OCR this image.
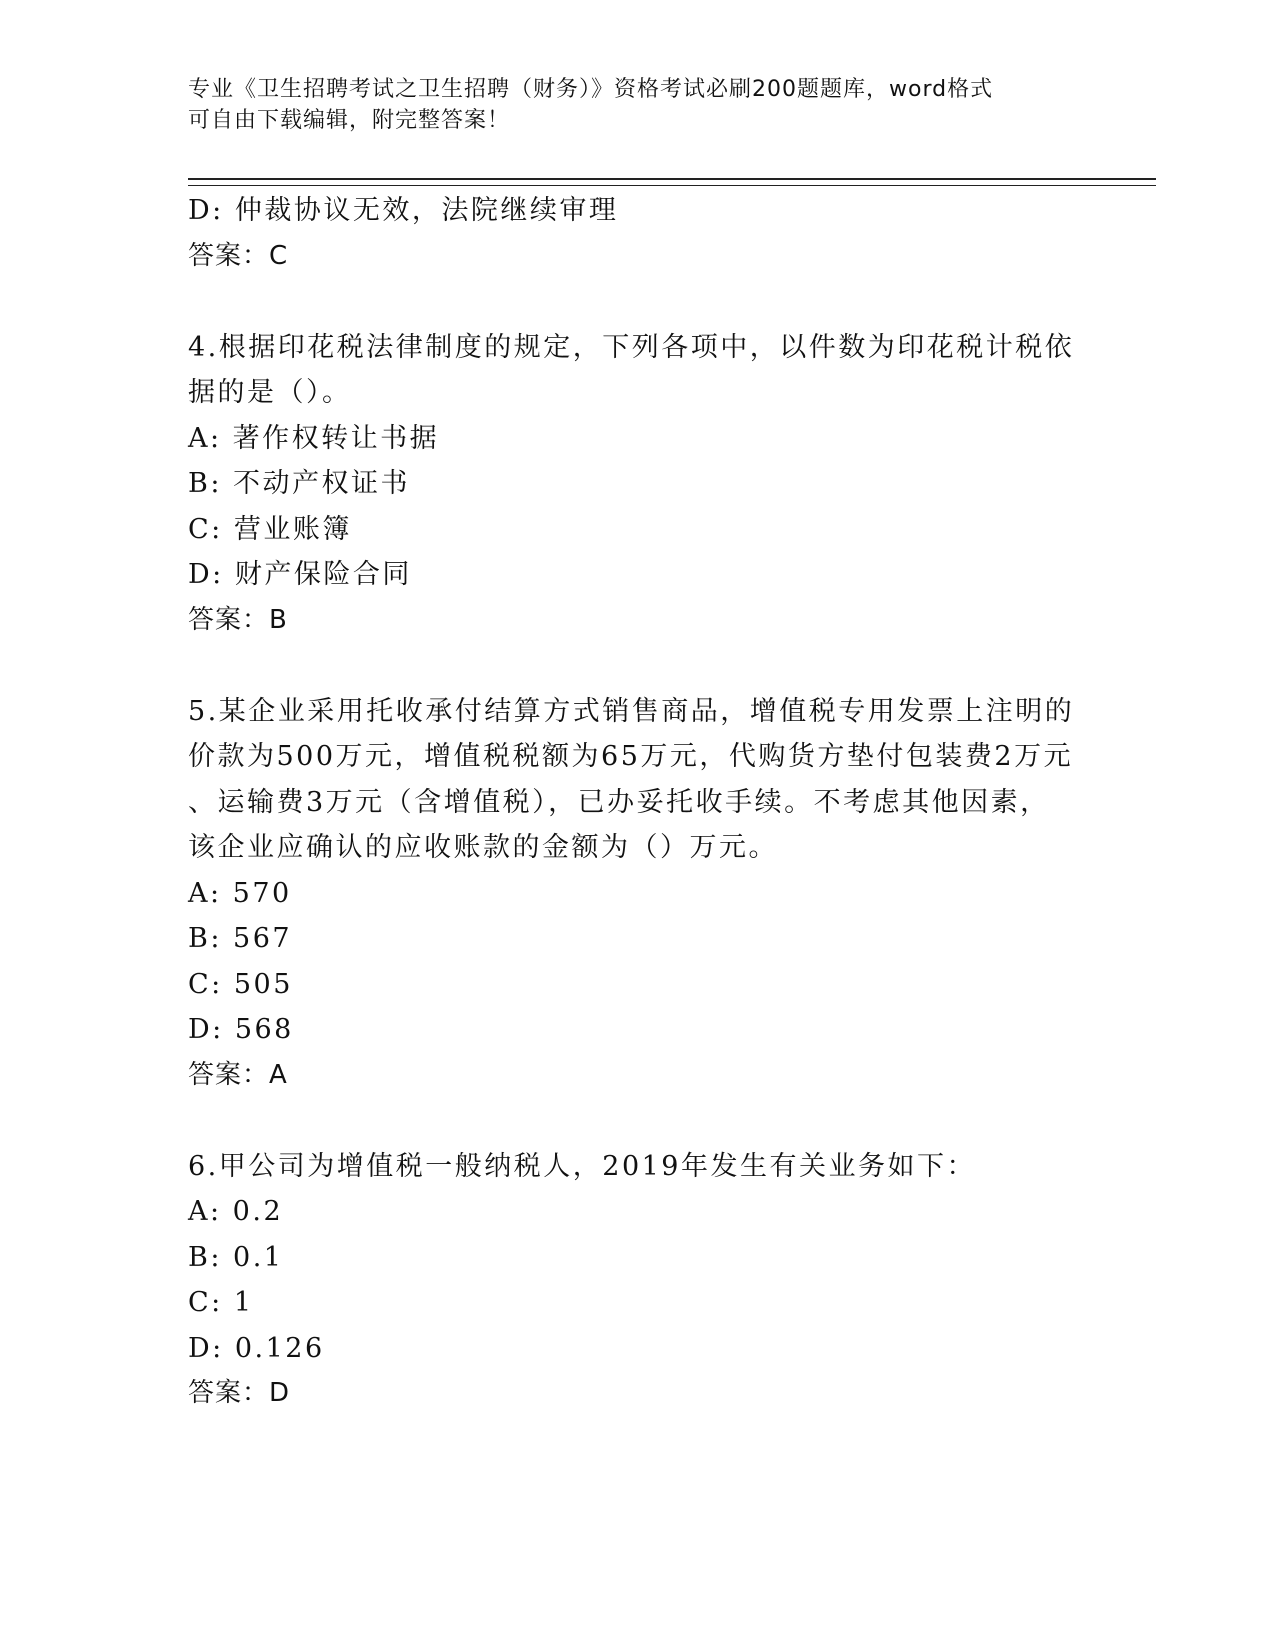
专业《卫生招聘考试之卫生招聘（财务）》资格考试必刷200题题库，word格式
可自由下载编辑，附完整答案！
D: 仲裁协议无效，法院继续审理
答案：C
4.根据印花税法律制度的规定，下列各项中，以件数为印花税计税依
据的是（）。
A: 著作权转让书据
B: 不动产权证书
C: 营业账簿
D: 财产保险合同
答案：B
5.某企业采用托收承付结算方式销售商品，增值税专用发票上注明的
价款为500万元，增值税税额为65万元，代购货方垫付包装费2万元
、运输费3万元（含增值税），已办妥托收手续。不考虑其他因素，
该企业应确认的应收账款的金额为（）万元。
A: 570
B: 567
C: 505
D: 568
答案：A
6.甲公司为增值税一般纳税人，2019年发生有关业务如下：
A: 0.2
B: 0.1
C: 1
D: 0.126
答案：D
